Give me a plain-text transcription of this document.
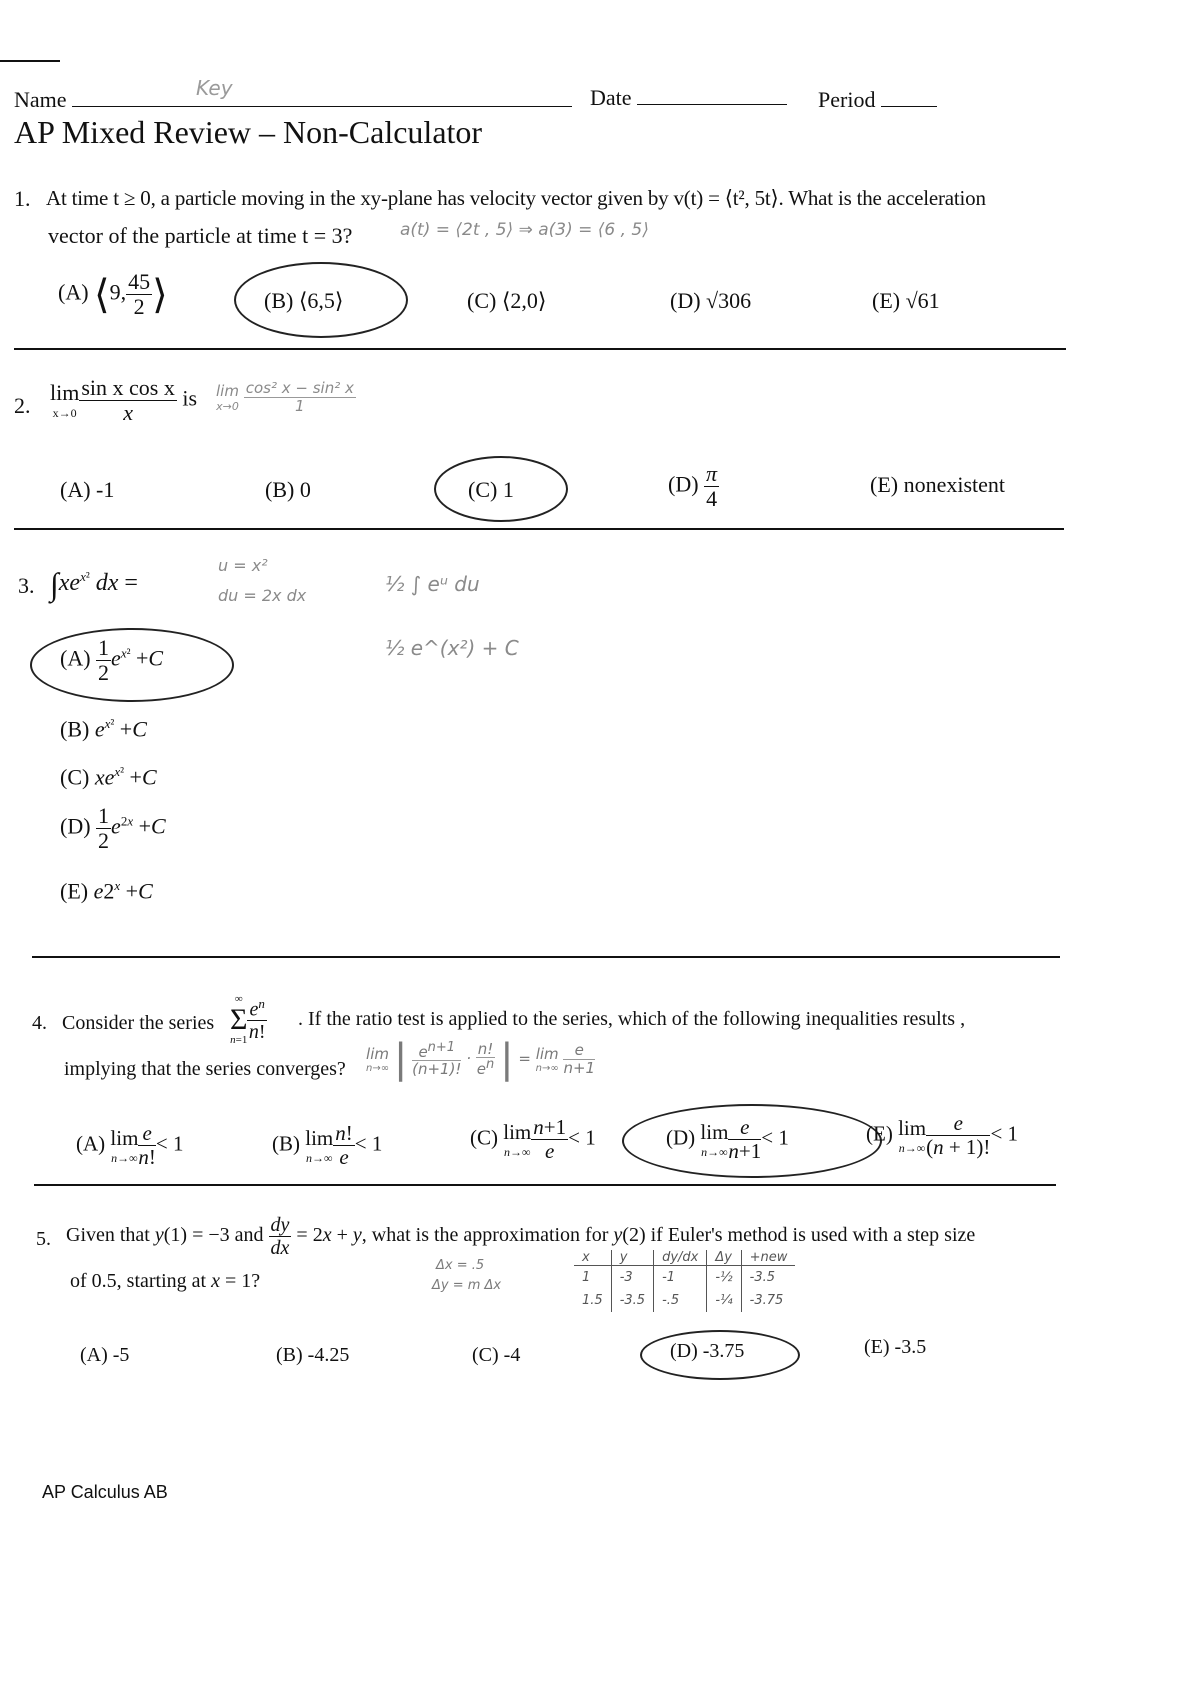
Name	Key	Date	Period
AP Mixed Review – Non-Calculator
1. At time t ≥ 0, a particle moving in the xy-plane has velocity vector given by v(t) = ⟨t², 5t⟩. What is the acceleration
vector of the particle at time t = 3?	a(t) = ⟨2t , 5⟩ ⇒ a(3) = ⟨6 , 5⟩
(A) ⟨9, $\frac{45}{2}$ ⟩	(B) ⟨6,5⟩	(C) ⟨2,0⟩	(D) √306	(E) √61
2.
lim
$x\to 0 \frac{\text{sin x cos x}}{x}$ is lim
x→0
$\frac{\text{cos² x − sin² x}}{1}$
(A) -1	(B) 0	(C) 1	$(D) \frac{\pi}{4}$	(E) nonexistent
3. $\int xe^{x^2}$ dx =
u = x²
du = 2x dx	½ ∫ eᵘ du
½ e^(x²) + C
$(A) \frac{1}{2} e^{x^2} +C$
(B) $e^{x^2} +C$
(C) $xe^{x^2} +C$
$(D) \frac{1}{2} e^{2x} +C$
(E) $e2^x +C$
4. Consider the series
∞
Σ
$n=1 \frac{e^n}{n!}$ . If the ratio test is applied to the series, which of the following inequalities results ,
implying that the series converges?
lim
n→∞ | $\frac{e^{n+1}}{(n+1)!} \cdot \frac{n!}{e^n}$ | = lim
n→∞
$\frac{e}{n+1}$
(A) lim
$n\to\infty \frac{e}{n!} < 1$	(B) lim
$n\to\infty \frac{n!}{e} < 1$	(C) lim
$n\to\infty \frac{n+1}{e} < 1$	(D) lim
$n\to\infty \frac{e}{n+1} < 1$	(E) lim
$n\to\infty \frac{e}{(n + 1)!} < 1$
5. Given that y(1) = −3 and $\frac{dy}{dx} = 2x + y$, what is the approximation for y(2) if Euler's method is used with a step size
of 0.5, starting at x = 1?
Δx = .5
Δy = m Δx
x	y	dy/dx	Δy	+new
1	-3	-1	-½	-3.5
1.5	-3.5	-.5	-¼	-3.75
(A) -5	(B) -4.25	(C) -4	(D) -3.75	(E) -3.5
AP Calculus AB
